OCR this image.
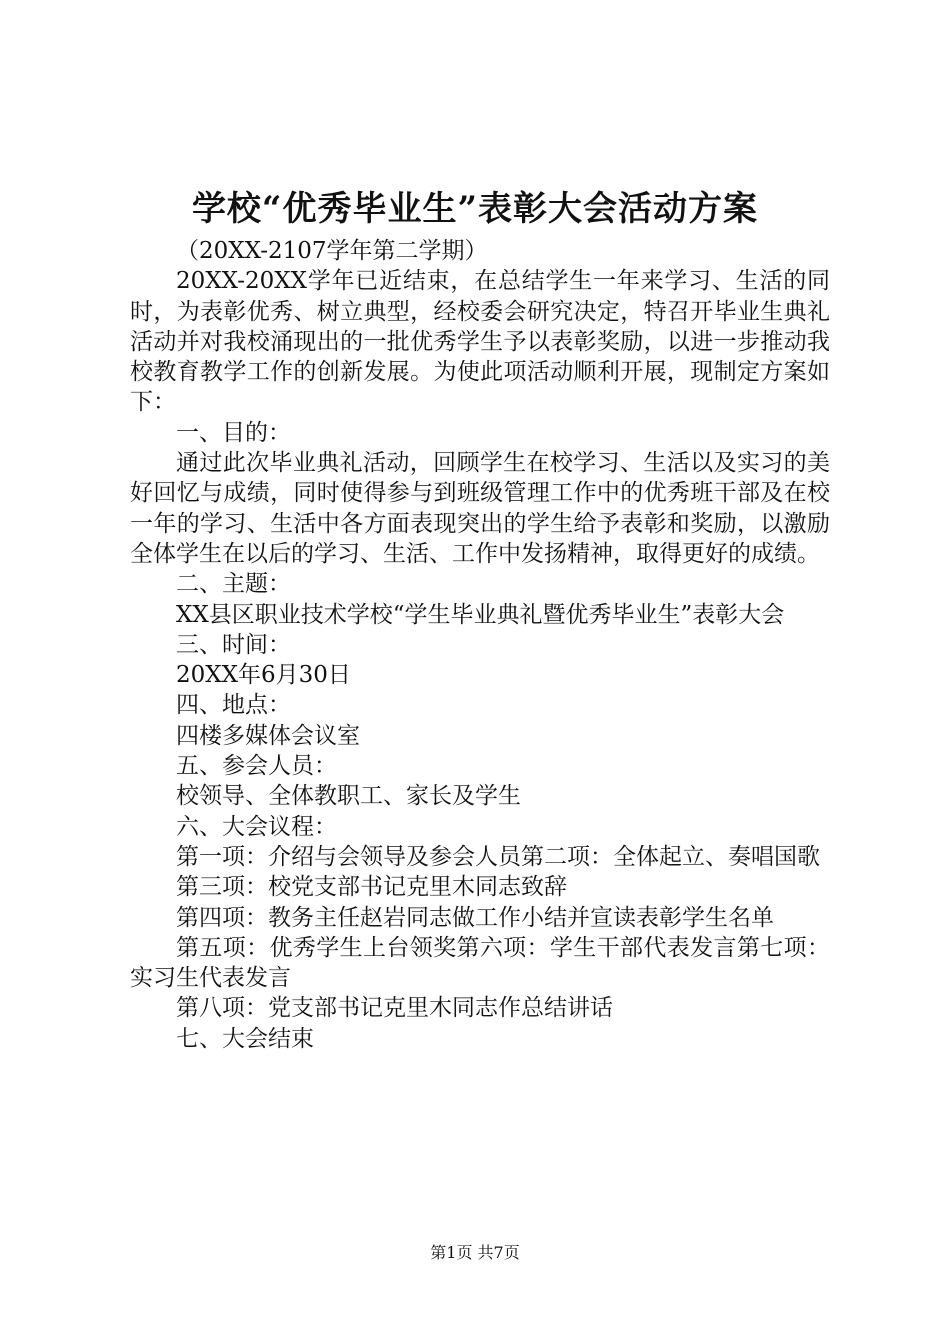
学校“优秀毕业生”表彰大会活动方案

（20XX-2107学年第二学期）

20XX-20XX学年已近结束，在总结学生一年来学习、生活的同时，为表彰优秀、树立典型，经校委会研究决定，特召开毕业生典礼活动并对我校涌现出的一批优秀学生予以表彰奖励，以进一步推动我校教育教学工作的创新发展。为使此项活动顺利开展，现制定方案如下：

一、目的：

通过此次毕业典礼活动，回顾学生在校学习、生活以及实习的美好回忆与成绩，同时使得参与到班级管理工作中的优秀班干部及在校一年的学习、生活中各方面表现突出的学生给予表彰和奖励，以激励全体学生在以后的学习、生活、工作中发扬精神，取得更好的成绩。

二、主题：

XX县区职业技术学校“学生毕业典礼暨优秀毕业生”表彰大会

三、时间：

20XX年6月30日

四、地点：

四楼多媒体会议室

五、参会人员：

校领导、全体教职工、家长及学生

六、大会议程：

第一项：介绍与会领导及参会人员第二项：全体起立、奏唱国歌

第三项：校党支部书记克里木同志致辞

第四项：教务主任赵岩同志做工作小结并宣读表彰学生名单

第五项：优秀学生上台领奖第六项：学生干部代表发言第七项：实习生代表发言

第八项：党支部书记克里木同志作总结讲话

七、大会结束

第1页 共7页
